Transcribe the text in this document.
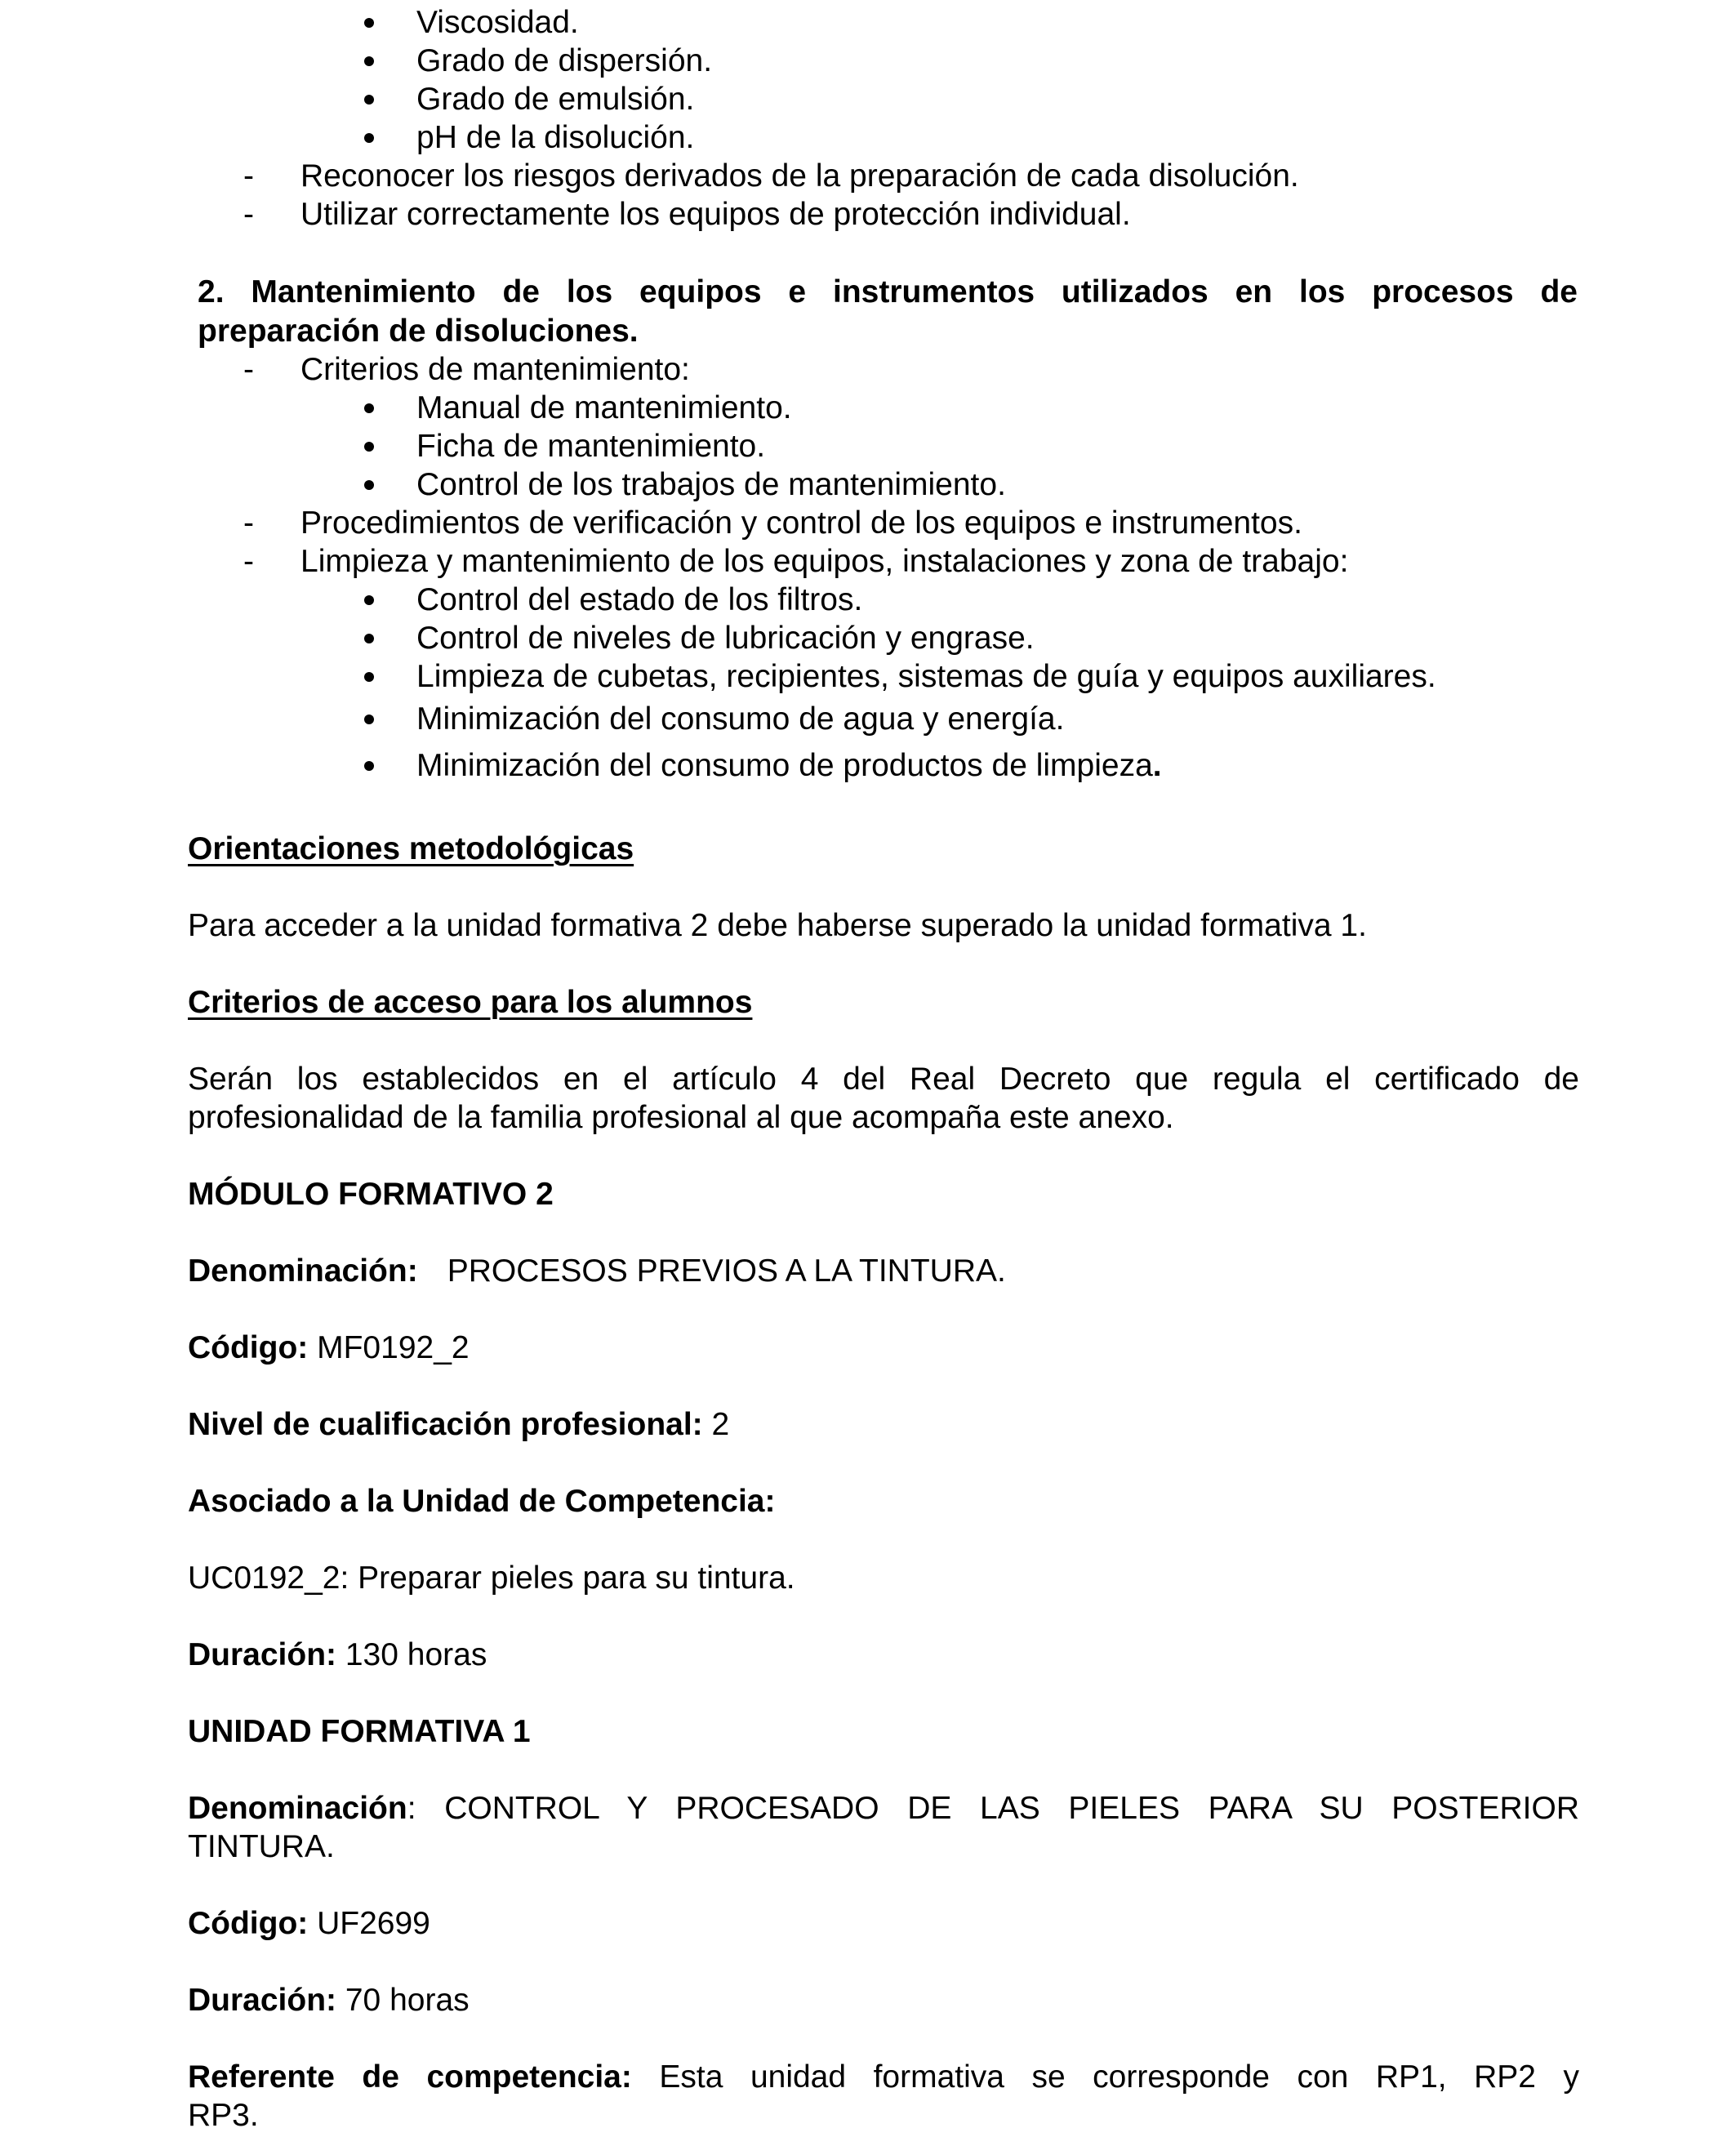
Viscosidad.
Grado de dispersión.
Grado de emulsión.
pH de la disolución.
- Reconocer los riesgos derivados de la preparación de cada disolución.
- Utilizar correctamente los equipos de protección individual.
2. Mantenimiento de los equipos e instrumentos utilizados en los procesos de
preparación de disoluciones.
- Criterios de mantenimiento:
Manual de mantenimiento.
Ficha de mantenimiento.
Control de los trabajos de mantenimiento.
- Procedimientos de verificación y control de los equipos e instrumentos.
- Limpieza y mantenimiento de los equipos, instalaciones y zona de trabajo:
Control del estado de los filtros.
Control de niveles de lubricación y engrase.
Limpieza de cubetas, recipientes, sistemas de guía y equipos auxiliares.
Minimización del consumo de agua y energía.
Minimización del consumo de productos de limpieza.
Orientaciones metodológicas
Para acceder a la unidad formativa 2 debe haberse superado la unidad formativa 1.
Criterios de acceso para los alumnos
Serán los establecidos en el artículo 4 del Real Decreto que regula el certificado de
profesionalidad de la familia profesional al que acompaña este anexo.
MÓDULO FORMATIVO 2
Denominación: PROCESOS PREVIOS A LA TINTURA.
Código: MF0192_2
Nivel de cualificación profesional: 2
Asociado a la Unidad de Competencia:
UC0192_2: Preparar pieles para su tintura.
Duración: 130 horas
UNIDAD FORMATIVA 1
Denominación: CONTROL Y PROCESADO DE LAS PIELES PARA SU POSTERIOR
TINTURA.
Código: UF2699
Duración: 70 horas
Referente de competencia: Esta unidad formativa se corresponde con RP1, RP2 y
RP3.
